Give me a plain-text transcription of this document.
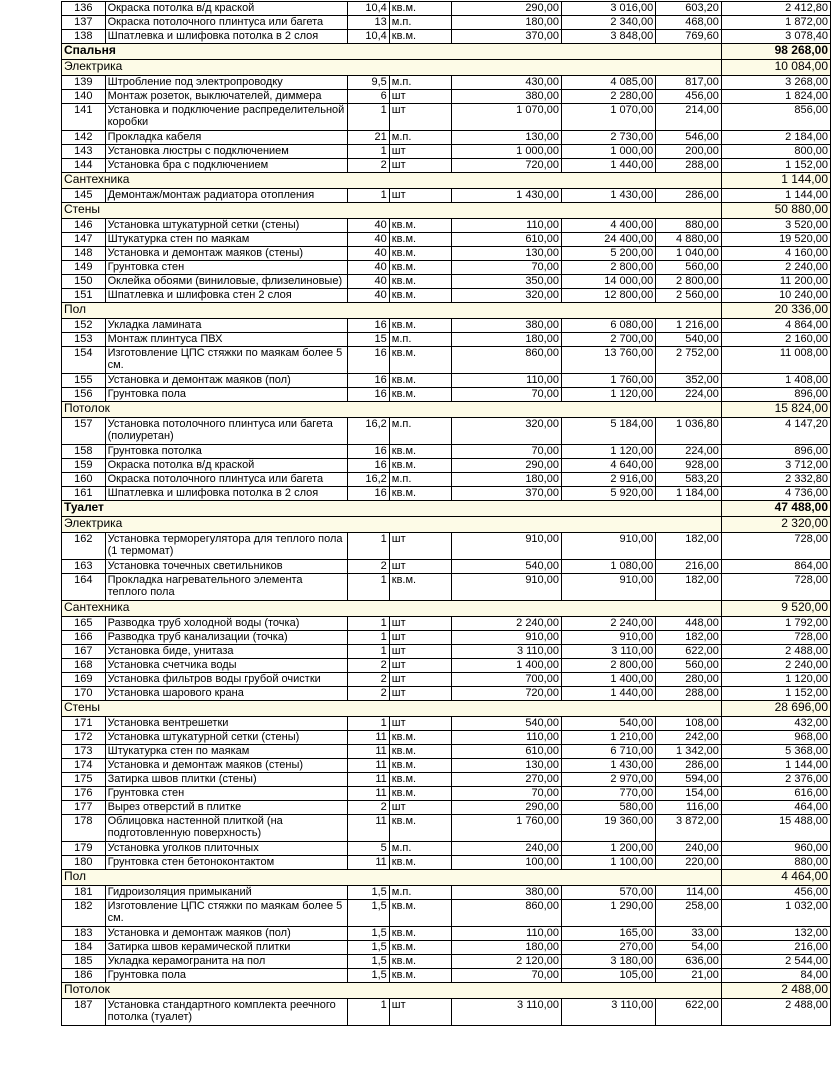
136	Окраска потолка в/д краской	10,4	кв.м.	290,00	3 016,00	603,20	2 412,80
137	Окраска потолочного плинтуса или багета	13	м.п.	180,00	2 340,00	468,00	1 872,00
138	Шпатлевка и шлифовка потолка в 2 слоя	10,4	кв.м.	370,00	3 848,00	769,60	3 078,40
Спальня							98 268,00
Электрика							10 084,00
139	Штробление под электропроводку	9,5	м.п.	430,00	4 085,00	817,00	3 268,00
140	Монтаж розеток, выключателей, диммера	6	шт	380,00	2 280,00	456,00	1 824,00
141	Установка и подключение распределительной коробки	1	шт	1 070,00	1 070,00	214,00	856,00
142	Прокладка кабеля	21	м.п.	130,00	2 730,00	546,00	2 184,00
143	Установка люстры с подключением	1	шт	1 000,00	1 000,00	200,00	800,00
144	Установка бра с подключением	2	шт	720,00	1 440,00	288,00	1 152,00
Сантехника							1 144,00
145	Демонтаж/монтаж радиатора отопления	1	шт	1 430,00	1 430,00	286,00	1 144,00
Стены							50 880,00
146	Установка штукатурной сетки (стены)	40	кв.м.	110,00	4 400,00	880,00	3 520,00
147	Штукатурка стен по маякам	40	кв.м.	610,00	24 400,00	4 880,00	19 520,00
148	Установка и демонтаж маяков (стены)	40	кв.м.	130,00	5 200,00	1 040,00	4 160,00
149	Грунтовка стен	40	кв.м.	70,00	2 800,00	560,00	2 240,00
150	Оклейка обоями (виниловые, флизелиновые)	40	кв.м.	350,00	14 000,00	2 800,00	11 200,00
151	Шпатлевка и шлифовка стен 2 слоя	40	кв.м.	320,00	12 800,00	2 560,00	10 240,00
Пол							20 336,00
152	Укладка ламината	16	кв.м.	380,00	6 080,00	1 216,00	4 864,00
153	Монтаж плинтуса ПВХ	15	м.п.	180,00	2 700,00	540,00	2 160,00
154	Изготовление ЦПС стяжки по маякам более 5 см.	16	кв.м.	860,00	13 760,00	2 752,00	11 008,00
155	Установка и демонтаж маяков (пол)	16	кв.м.	110,00	1 760,00	352,00	1 408,00
156	Грунтовка пола	16	кв.м.	70,00	1 120,00	224,00	896,00
Потолок							15 824,00
157	Установка потолочного плинтуса или багета (полиуретан)	16,2	м.п.	320,00	5 184,00	1 036,80	4 147,20
158	Грунтовка потолка	16	кв.м.	70,00	1 120,00	224,00	896,00
159	Окраска потолка в/д краской	16	кв.м.	290,00	4 640,00	928,00	3 712,00
160	Окраска потолочного плинтуса или багета	16,2	м.п.	180,00	2 916,00	583,20	2 332,80
161	Шпатлевка и шлифовка потолка в 2 слоя	16	кв.м.	370,00	5 920,00	1 184,00	4 736,00
Туалет							47 488,00
Электрика							2 320,00
162	Установка терморегулятора для теплого пола (1 термомат)	1	шт	910,00	910,00	182,00	728,00
163	Установка точечных светильников	2	шт	540,00	1 080,00	216,00	864,00
164	Прокладка нагревательного элемента теплого пола	1	кв.м.	910,00	910,00	182,00	728,00
Сантехника							9 520,00
165	Разводка труб холодной воды (точка)	1	шт	2 240,00	2 240,00	448,00	1 792,00
166	Разводка труб канализации (точка)	1	шт	910,00	910,00	182,00	728,00
167	Установка биде, унитаза	1	шт	3 110,00	3 110,00	622,00	2 488,00
168	Установка счетчика воды	2	шт	1 400,00	2 800,00	560,00	2 240,00
169	Установка фильтров воды грубой очистки	2	шт	700,00	1 400,00	280,00	1 120,00
170	Установка шарового крана	2	шт	720,00	1 440,00	288,00	1 152,00
Стены							28 696,00
171	Установка вентрешетки	1	шт	540,00	540,00	108,00	432,00
172	Установка штукатурной сетки (стены)	11	кв.м.	110,00	1 210,00	242,00	968,00
173	Штукатурка стен по маякам	11	кв.м.	610,00	6 710,00	1 342,00	5 368,00
174	Установка и демонтаж маяков (стены)	11	кв.м.	130,00	1 430,00	286,00	1 144,00
175	Затирка швов плитки (стены)	11	кв.м.	270,00	2 970,00	594,00	2 376,00
176	Грунтовка стен	11	кв.м.	70,00	770,00	154,00	616,00
177	Вырез отверстий в плитке	2	шт	290,00	580,00	116,00	464,00
178	Облицовка настенной плиткой (на подготовленную поверхность)	11	кв.м.	1 760,00	19 360,00	3 872,00	15 488,00
179	Установка уголков плиточных	5	м.п.	240,00	1 200,00	240,00	960,00
180	Грунтовка стен бетоноконтактом	11	кв.м.	100,00	1 100,00	220,00	880,00
Пол							4 464,00
181	Гидроизоляция примыканий	1,5	м.п.	380,00	570,00	114,00	456,00
182	Изготовление ЦПС стяжки по маякам более 5 см.	1,5	кв.м.	860,00	1 290,00	258,00	1 032,00
183	Установка и демонтаж маяков (пол)	1,5	кв.м.	110,00	165,00	33,00	132,00
184	Затирка швов керамической плитки	1,5	кв.м.	180,00	270,00	54,00	216,00
185	Укладка керамогранита на пол	1,5	кв.м.	2 120,00	3 180,00	636,00	2 544,00
186	Грунтовка пола	1,5	кв.м.	70,00	105,00	21,00	84,00
Потолок							2 488,00
187	Установка стандартного комплекта реечного потолка (туалет)	1	шт	3 110,00	3 110,00	622,00	2 488,00
